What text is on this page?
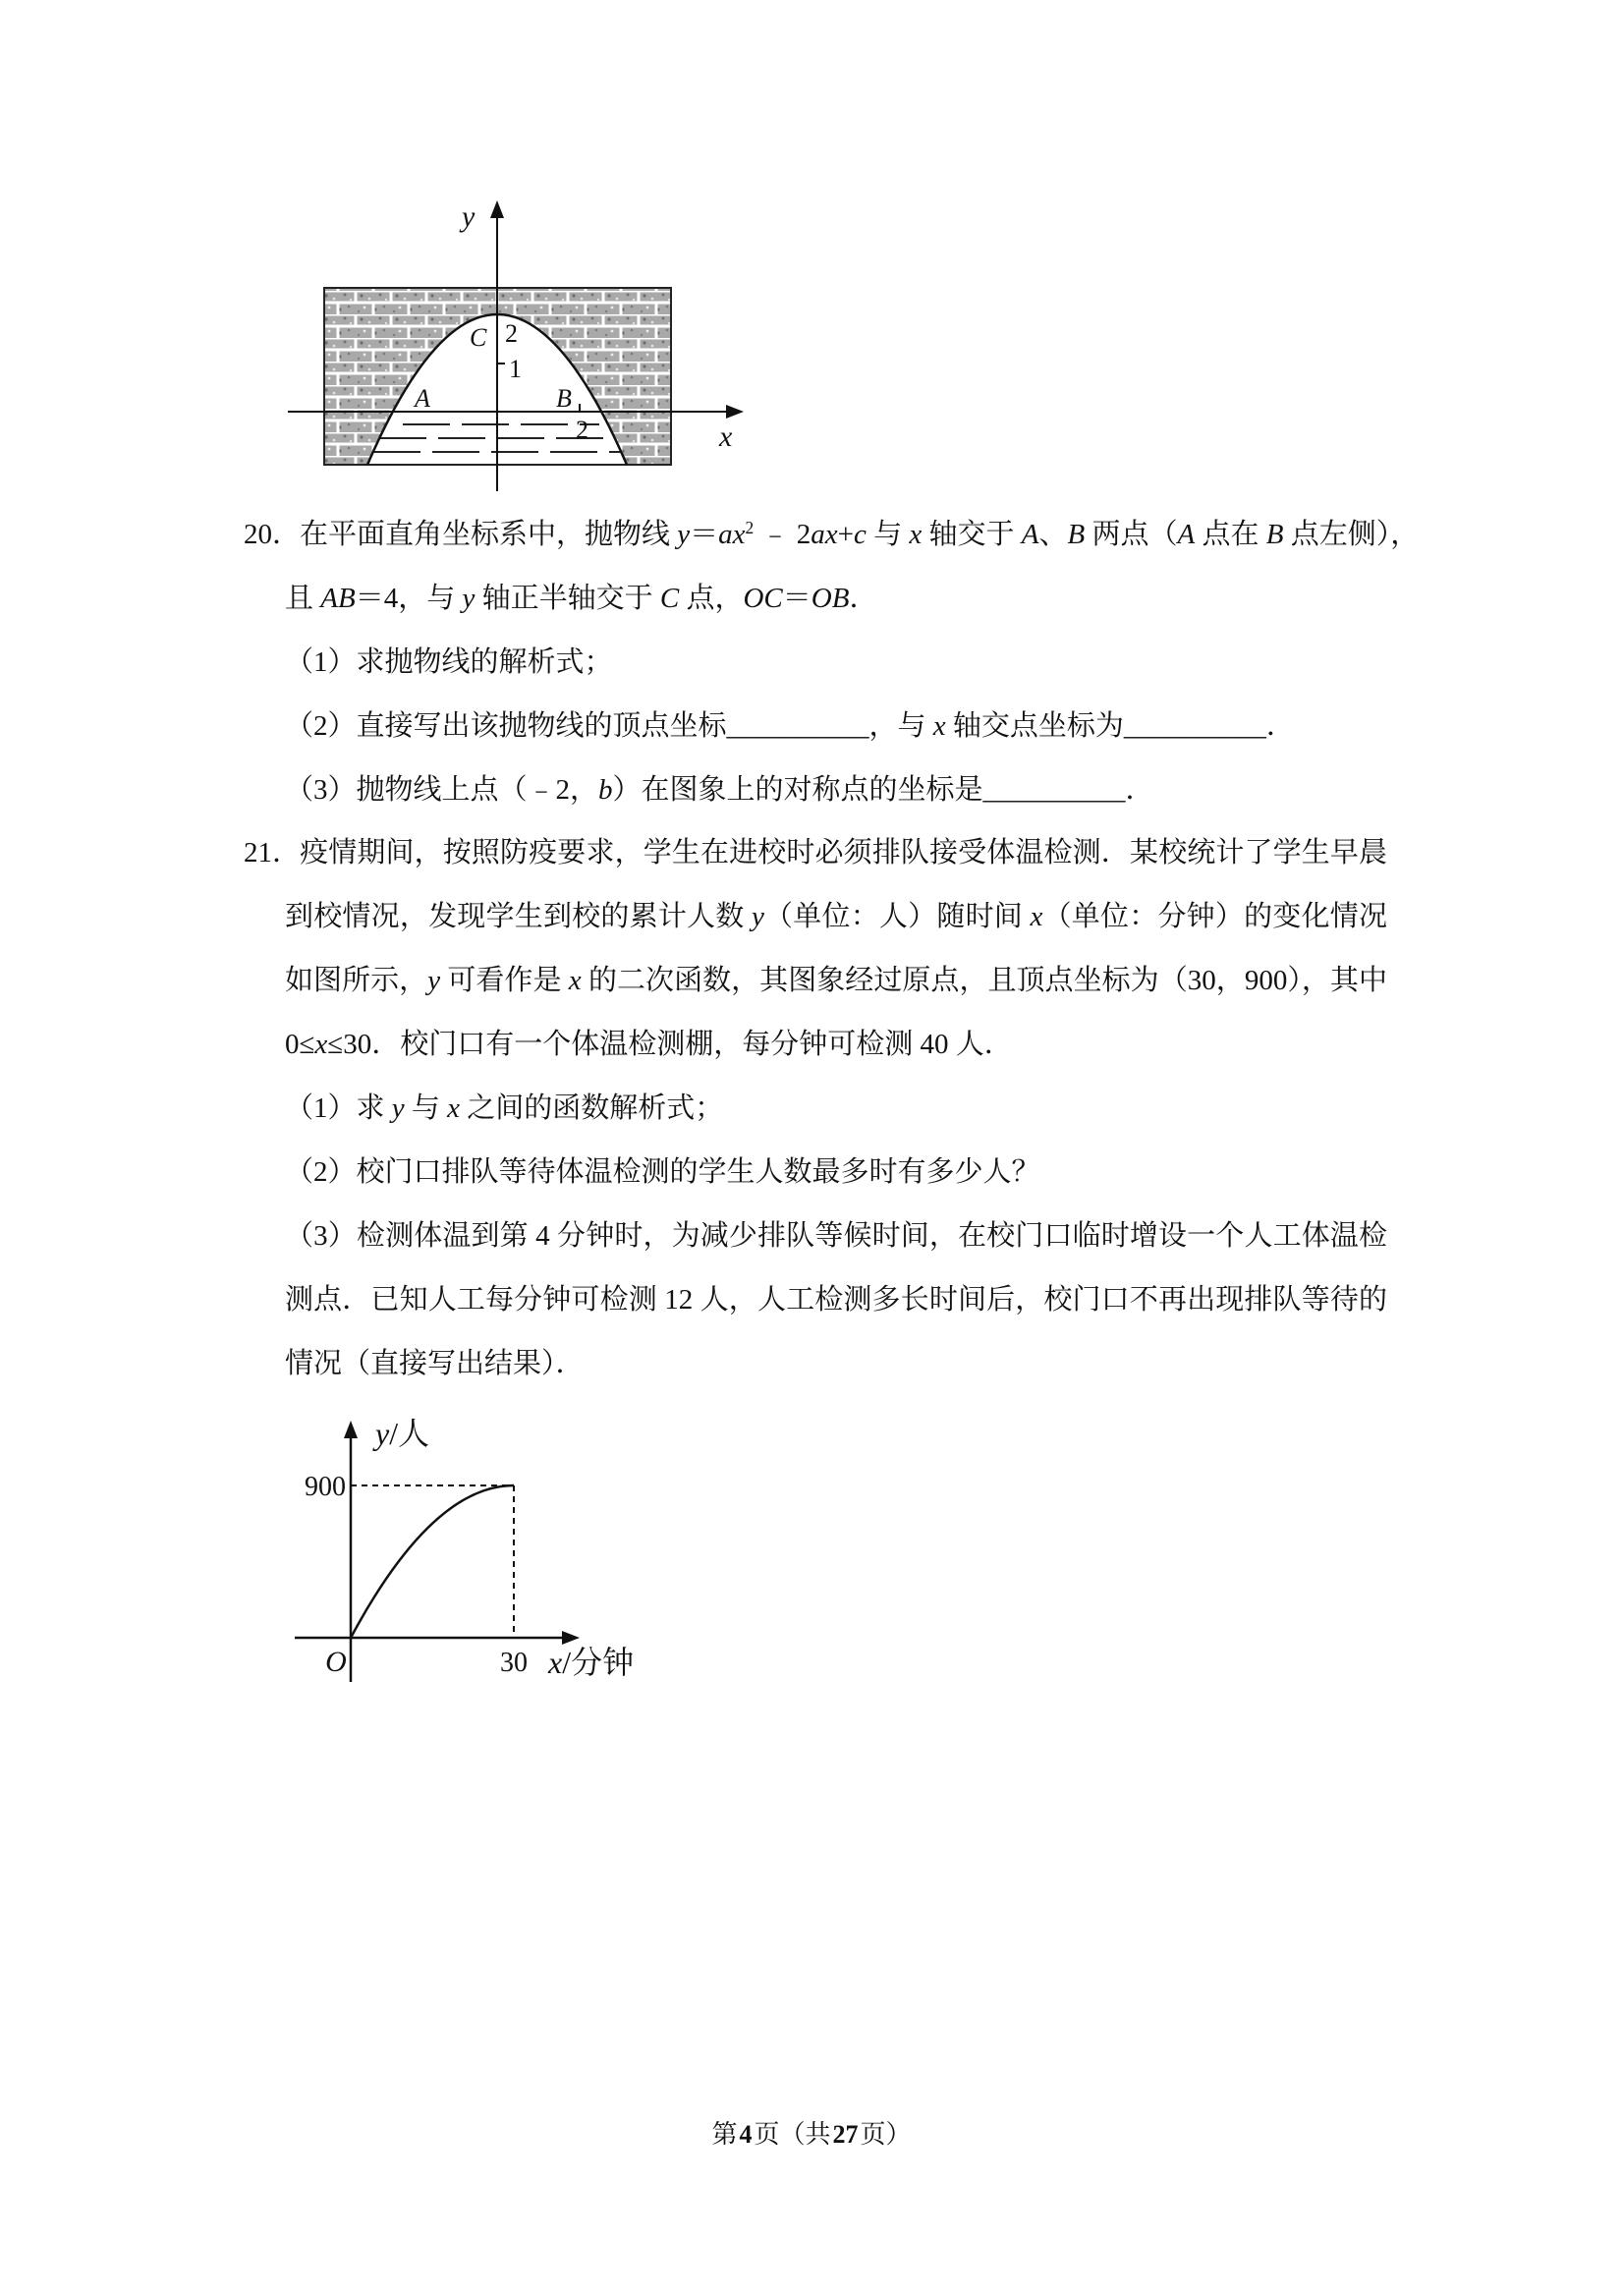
y
x
C 2
1
A	B
2
20．在平面直角坐标系中，抛物线 $y=ax^2$ ﹣ 2ax+c 与 x 轴交于 A、B 两点（A 点在 B 点左侧），
且 AB＝4，与 y 轴正半轴交于 C 点，OC＝OB．
（1）求抛物线的解析式；
（2）直接写出该抛物线的顶点坐标__________，与 x 轴交点坐标为__________．
（3）抛物线上点（﹣2，b）在图象上的对称点的坐标是__________．
21．疫情期间，按照防疫要求，学生在进校时必须排队接受体温检测．某校统计了学生早晨
到校情况，发现学生到校的累计人数 y（单位：人）随时间 x（单位：分钟）的变化情况
如图所示，y 可看作是 x 的二次函数，其图象经过原点，且顶点坐标为（30，900），其中
0≤x≤30．校门口有一个体温检测棚，每分钟可检测 40 人．
（1）求 y 与 x 之间的函数解析式；
（2）校门口排队等待体温检测的学生人数最多时有多少人？
（3）检测体温到第 4 分钟时，为减少排队等候时间，在校门口临时增设一个人工体温检
测点．已知人工每分钟可检测 12 人，人工检测多长时间后，校门口不再出现排队等待的
情况（直接写出结果）．
y/人
900
O	30 x/分钟
第4页（共27页）
